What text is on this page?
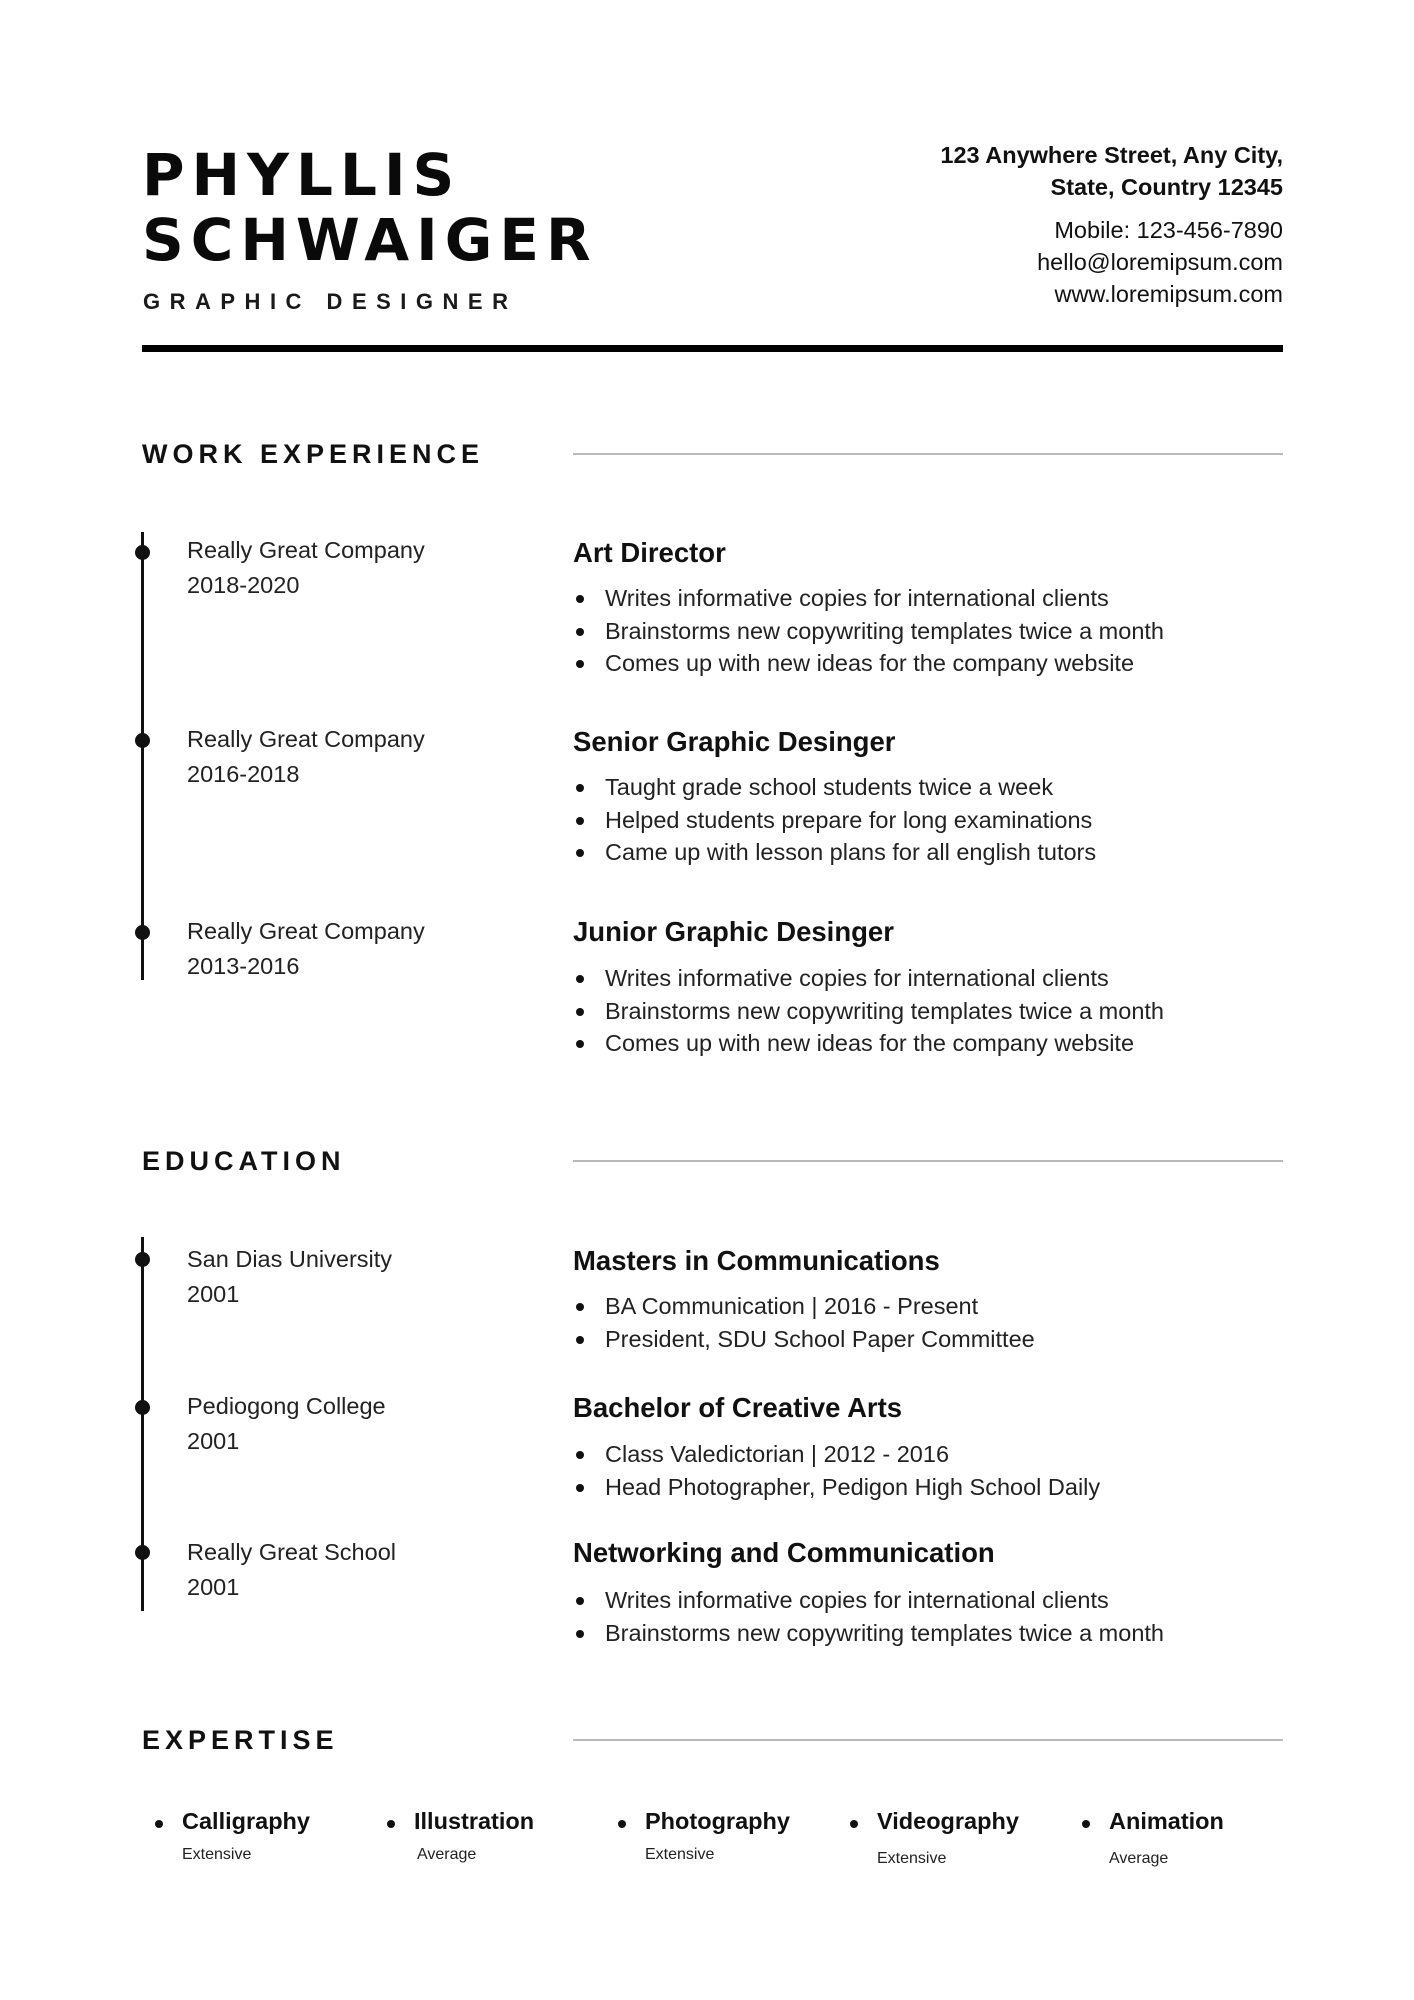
PHYLLIS
SCHWAIGER
GRAPHIC DESIGNER
123 Anywhere Street, Any City,
State, Country 12345
Mobile: 123-456-7890
hello@loremipsum.com
www.loremipsum.com
WORK EXPERIENCE
Really Great Company
2018-2020
Art Director
Writes informative copies for international clients
Brainstorms new copywriting templates twice a month
Comes up with new ideas for the company website
Really Great Company
2016-2018
Senior Graphic Desinger
Taught grade school students twice a week
Helped students prepare for long examinations
Came up with lesson plans for all english tutors
Really Great Company
2013-2016
Junior Graphic Desinger
Writes informative copies for international clients
Brainstorms new copywriting templates twice a month
Comes up with new ideas for the company website
EDUCATION
San Dias University
2001
Masters in Communications
BA Communication | 2016 - Present
President, SDU School Paper Committee
Pediogong College
2001
Bachelor of Creative Arts
Class Valedictorian | 2012 - 2016
Head Photographer, Pedigon High School Daily
Really Great School
2001
Networking and Communication
Writes informative copies for international clients
Brainstorms new copywriting templates twice a month
EXPERTISE
Calligraphy
Extensive
Illustration
Average
Photography
Extensive
Videography
Extensive
Animation
Average
